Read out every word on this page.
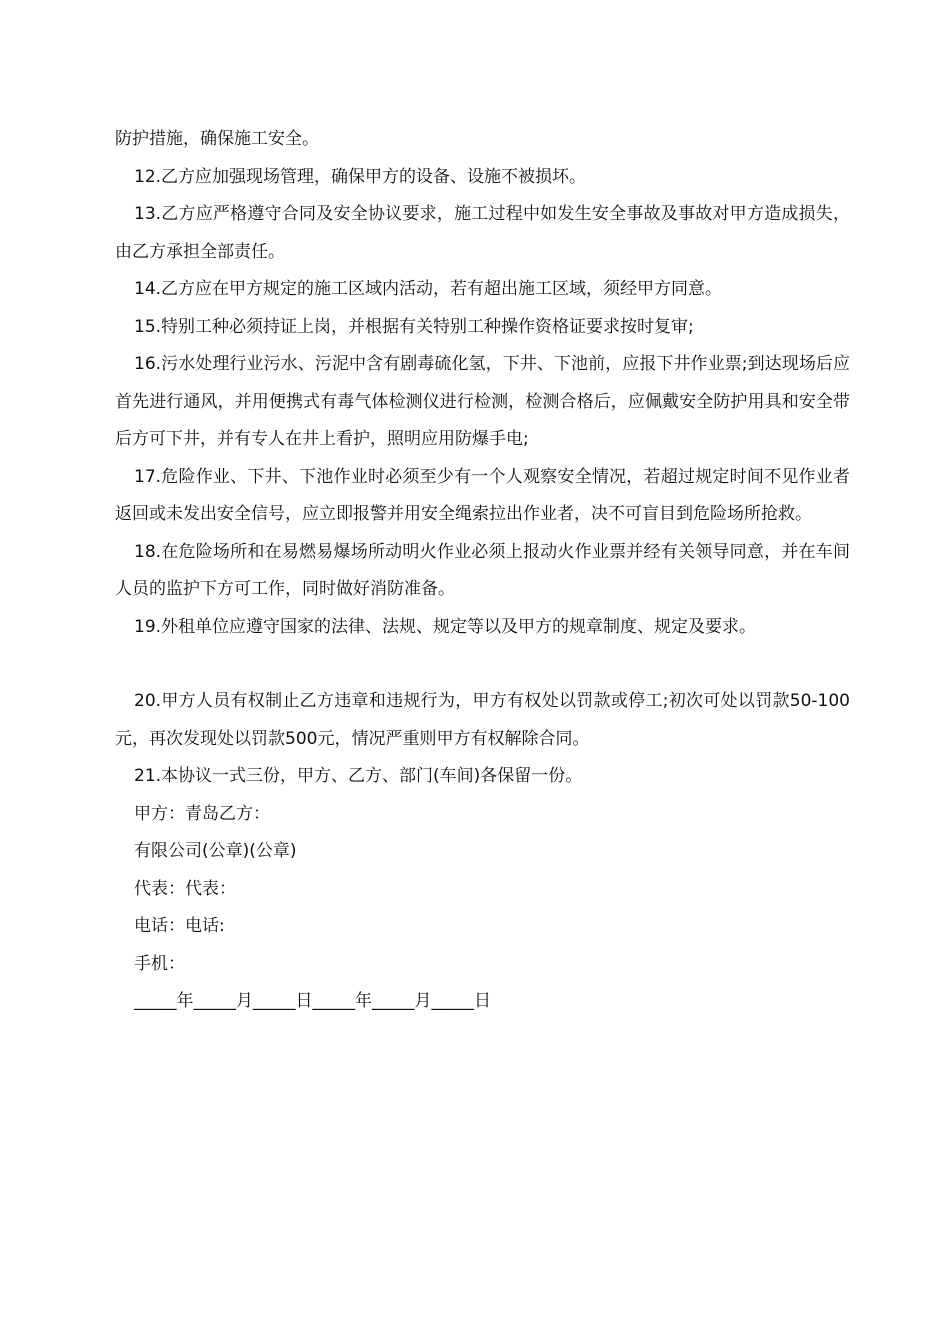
防护措施，确保施工安全。

12.乙方应加强现场管理，确保甲方的设备、设施不被损坏。

13.乙方应严格遵守合同及安全协议要求，施工过程中如发生安全事故及事故对甲方造成损失，由乙方承担全部责任。

14.乙方应在甲方规定的施工区域内活动，若有超出施工区域，须经甲方同意。

15.特别工种必须持证上岗，并根据有关特别工种操作资格证要求按时复审;

16.污水处理行业污水、污泥中含有剧毒硫化氢，下井、下池前，应报下井作业票;到达现场后应首先进行通风，并用便携式有毒气体检测仪进行检测，检测合格后，应佩戴安全防护用具和安全带后方可下井，并有专人在井上看护，照明应用防爆手电;

17.危险作业、下井、下池作业时必须至少有一个人观察安全情况，若超过规定时间不见作业者返回或未发出安全信号，应立即报警并用安全绳索拉出作业者，决不可盲目到危险场所抢救。

18.在危险场所和在易燃易爆场所动明火作业必须上报动火作业票并经有关领导同意，并在车间人员的监护下方可工作，同时做好消防准备。

19.外租单位应遵守国家的法律、法规、规定等以及甲方的规章制度、规定及要求。

20.甲方人员有权制止乙方违章和违规行为，甲方有权处以罚款或停工;初次可处以罚款50-100元，再次发现处以罚款500元，情况严重则甲方有权解除合同。

21.本协议一式三份，甲方、乙方、部门(车间)各保留一份。

甲方：青岛乙方：

有限公司(公章)(公章)

代表：代表：

电话：电话:

手机：

_____年_____月_____日_____年_____月_____日
